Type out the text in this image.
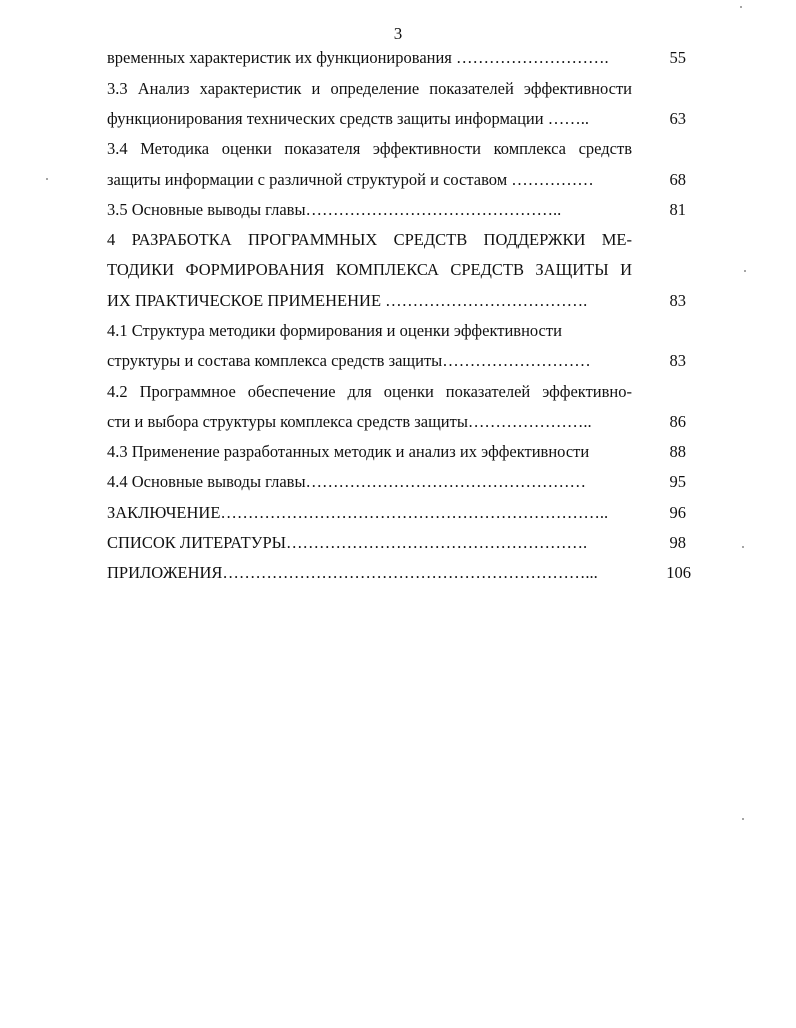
3
временных характеристик их функционирования ……………………….	55
3.3 Анализ характеристик и определение показателей эффективности
функционирования технических средств защиты информации ……..	63
3.4 Методика оценки показателя эффективности комплекса средств
защиты информации с различной структурой и составом ……………	68
3.5 Основные выводы главы………………………………………..	81
4 РАЗРАБОТКА ПРОГРАММНЫХ СРЕДСТВ ПОДДЕРЖКИ МЕ-
ТОДИКИ ФОРМИРОВАНИЯ КОМПЛЕКСА СРЕДСТВ ЗАЩИТЫ И
ИХ ПРАКТИЧЕСКОЕ ПРИМЕНЕНИЕ ……………………………….	83
4.1 Структура методики формирования и оценки эффективности
структуры и состава комплекса средств защиты………………………	83
4.2 Программное обеспечение для оценки показателей эффективно-
сти и выбора структуры комплекса средств защиты…………………..	86
4.3 Применение разработанных методик и анализ их эффективности	88
4.4 Основные выводы главы……………………………………………	95
ЗАКЛЮЧЕНИЕ……………………………………………………………..	96
СПИСОК ЛИТЕРАТУРЫ……………………………………………….	98
ПРИЛОЖЕНИЯ…………………………………………………………...	106
